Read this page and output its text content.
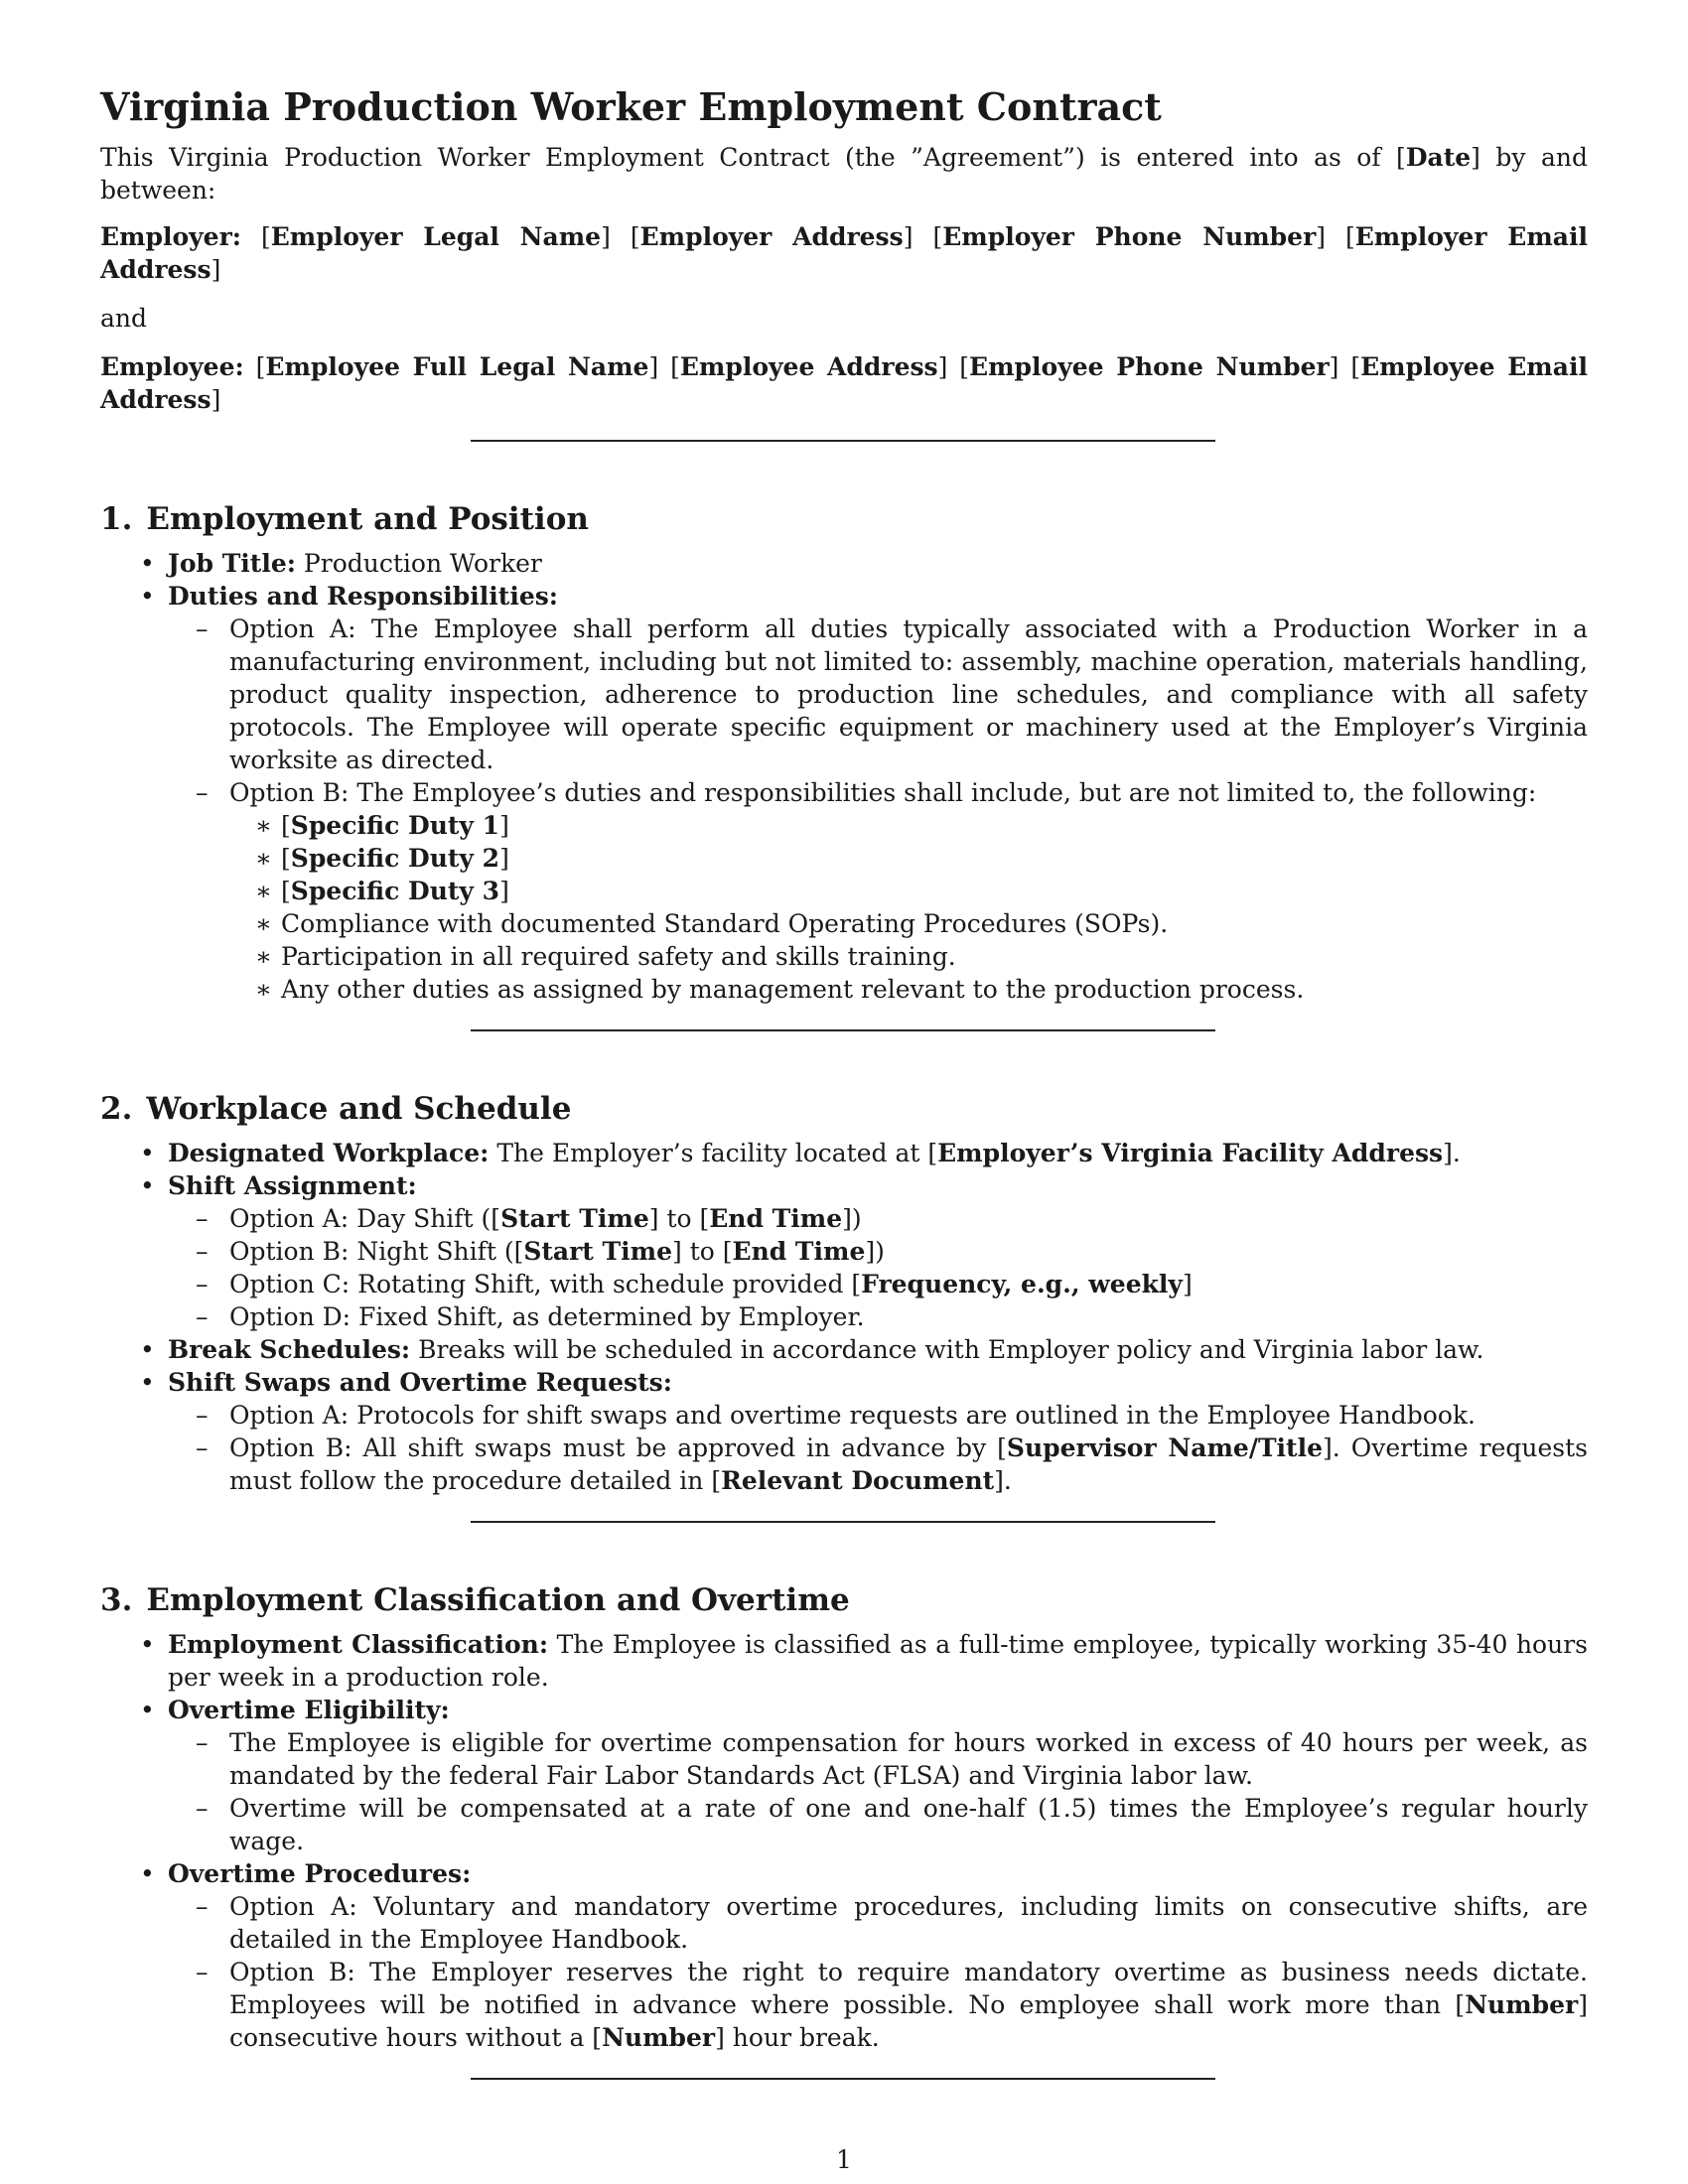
Virginia Production Worker Employment Contract

This Virginia Production Worker Employment Contract (the ”Agreement”) is entered into as of [Date] by and between:

Employer: [Employer Legal Name] [Employer Address] [Employer Phone Number] [Employer Email Address]

and

Employee: [Employee Full Legal Name] [Employee Address] [Employee Phone Number] [Employee Email Address]

1. Employment and Position
• Job Title: Production Worker
• Duties and Responsibilities:
– Option A: The Employee shall perform all duties typically associated with a Production Worker in a manufacturing environment, including but not limited to: assembly, machine operation, materials handling, product quality inspection, adherence to production line schedules, and compliance with all safety protocols. The Employee will operate specific equipment or machinery used at the Employer’s Virginia worksite as directed.
– Option B: The Employee’s duties and responsibilities shall include, but are not limited to, the following:
∗ [Specific Duty 1]
∗ [Specific Duty 2]
∗ [Specific Duty 3]
∗ Compliance with documented Standard Operating Procedures (SOPs).
∗ Participation in all required safety and skills training.
∗ Any other duties as assigned by management relevant to the production process.
2. Workplace and Schedule
• Designated Workplace: The Employer’s facility located at [Employer’s Virginia Facility Address].
• Shift Assignment:
– Option A: Day Shift ([Start Time] to [End Time])
– Option B: Night Shift ([Start Time] to [End Time])
– Option C: Rotating Shift, with schedule provided [Frequency, e.g., weekly]
– Option D: Fixed Shift, as determined by Employer.
• Break Schedules: Breaks will be scheduled in accordance with Employer policy and Virginia labor law.
• Shift Swaps and Overtime Requests:
– Option A: Protocols for shift swaps and overtime requests are outlined in the Employee Handbook.
– Option B: All shift swaps must be approved in advance by [Supervisor Name/Title]. Overtime requests must follow the procedure detailed in [Relevant Document].
3. Employment Classification and Overtime
• Employment Classification: The Employee is classified as a full-time employee, typically working 35-40 hours per week in a production role.
• Overtime Eligibility:
– The Employee is eligible for overtime compensation for hours worked in excess of 40 hours per week, as mandated by the federal Fair Labor Standards Act (FLSA) and Virginia labor law.
– Overtime will be compensated at a rate of one and one-half (1.5) times the Employee’s regular hourly wage.
• Overtime Procedures:
– Option A: Voluntary and mandatory overtime procedures, including limits on consecutive shifts, are detailed in the Employee Handbook.
– Option B: The Employer reserves the right to require mandatory overtime as business needs dictate. Employees will be notified in advance where possible. No employee shall work more than [Number] consecutive hours without a [Number] hour break.
1
